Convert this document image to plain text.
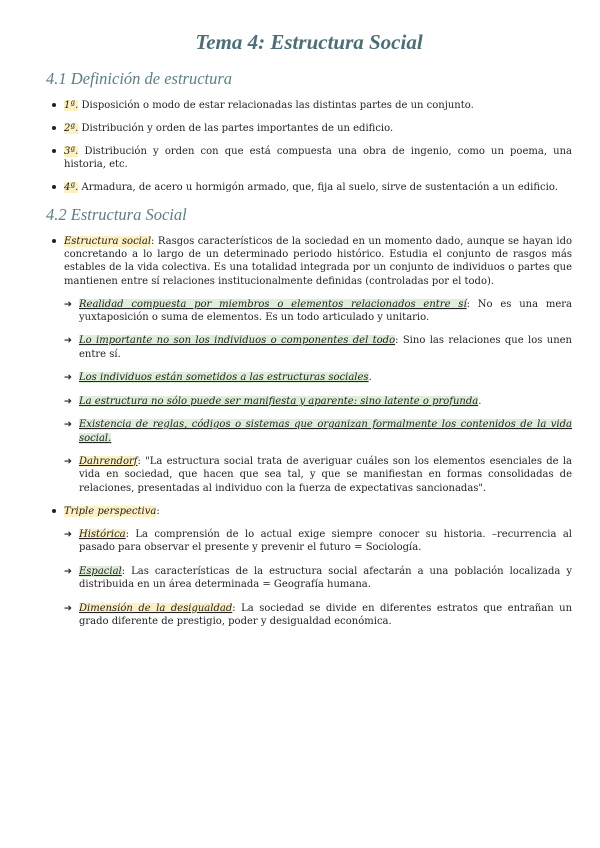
Tema 4: Estructura Social
4.1 Definición de estructura
1ª. Disposición o modo de estar relacionadas las distintas partes de un conjunto.
2ª. Distribución y orden de las partes importantes de un edificio.
3ª. Distribución y orden con que está compuesta una obra de ingenio, como un poema, una historia, etc.
4ª. Armadura, de acero u hormigón armado, que, fija al suelo, sirve de sustentación a un edificio.
4.2 Estructura Social
Estructura social: Rasgos característicos de la sociedad en un momento dado, aunque se hayan ido concretando a lo largo de un determinado periodo histórico. Estudia el conjunto de rasgos más estables de la vida colectiva. Es una totalidad integrada por un conjunto de individuos o partes que mantienen entre sí relaciones institucionalmente definidas (controladas por el todo).
➔ Realidad compuesta por miembros o elementos relacionados entre sí: No es una mera yuxtaposición o suma de elementos. Es un todo articulado y unitario.
➔ Lo importante no son los individuos o componentes del todo: Sino las relaciones que los unen entre sí.
➔ Los individuos están sometidos a las estructuras sociales.
➔ La estructura no sólo puede ser manifiesta y aparente: sino latente o profunda.
➔ Existencia de reglas, códigos o sistemas que organizan formalmente los contenidos de la vida social.
➔ Dahrendorf: "La estructura social trata de averiguar cuáles son los elementos esenciales de la vida en sociedad, que hacen que sea tal, y que se manifiestan en formas consolidadas de relaciones, presentadas al individuo con la fuerza de expectativas sancionadas".
Triple perspectiva:
➔ Histórica: La comprensión de lo actual exige siempre conocer su historia. –recurrencia al pasado para observar el presente y prevenir el futuro = Sociología.
➔ Espacial: Las características de la estructura social afectarán a una población localizada y distribuida en un área determinada = Geografía humana.
➔ Dimensión de la desigualdad: La sociedad se divide en diferentes estratos que entrañan un grado diferente de prestigio, poder y desigualdad económica.
